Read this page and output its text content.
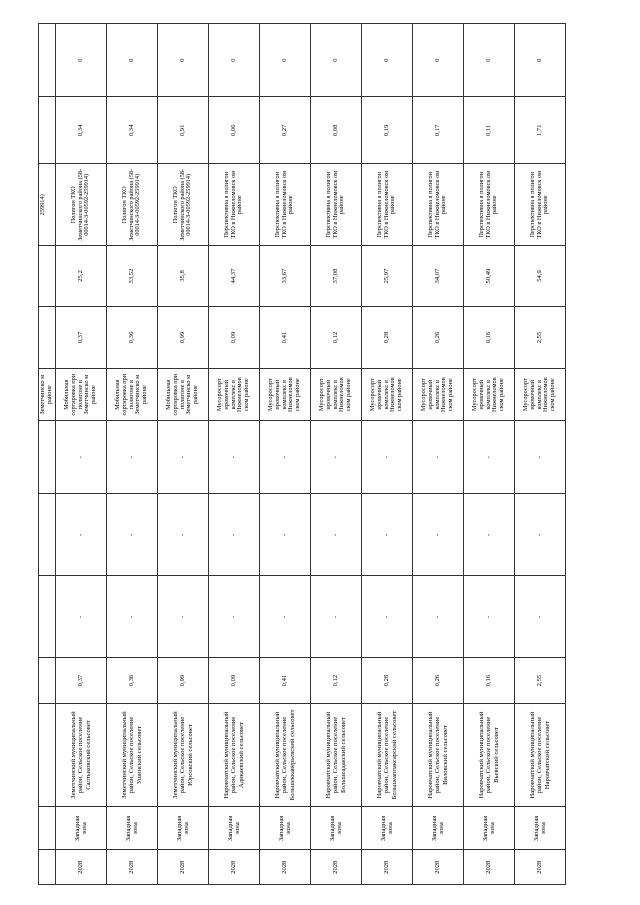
							Земетчинско м районе			259914)		
2028	Западная зона	Земетчинский муниципальный район, Сельское поселение Салтыковский сельсовет	0,37	-	-	-	Мобильная сортировка при полигоне в Земетчинско м районе	0,37	25,2	Полигон ТКО Земетчинского района (58-00014-З-00592-259914)	0,34	0
2028	Западная зона	Земетчинский муниципальный район, Сельское поселение Ушинский сельсовет	0,36	-	-	-	Мобильная сортировка при полигоне в Земетчинско м районе	0,36	33,52	Полигон ТКО Земетчинского района (58-00014-З-00592-259914)	0,34	0
2028	Западная зона	Земетчинский муниципальный район, Сельское поселение Юрсовский сельсовет	0,99	-	-	-	Мобильная сортировка при полигоне в Земетчинско м районе	0,99	35,8	Полигон ТКО Земетчинского района (58-00014-З-00592-259914)	0,91	0
2028	Западная зона	Наровчатский муниципальный район, Сельское поселение Адикаевский сельсовет	0,09	-	-	-	Мусоросорт ировочный комплекс в Нижнеломов ском районе	0,09	44,37	Перспективна я полигон ТКО в Нижнеломовск ом районе	0,06	0
2028	Западная зона	Наровчатский муниципальный район, Сельское поселение Большеккаверьевский сельсовет	0,41	-	-	-	Мусоросорт ировочный комплекс в Нижнеломов ском районе	0,41	33,67	Перспективна я полигон ТКО в Нижнеломовск ом районе	0,27	0
2028	Западная зона	Наровчатский муниципальный район, Сельское поселение Большеадакский сельсовет	0,12	-	-	-	Мусоросорт ировочный комплекс в Нижнеломов ском районе	0,12	37,08	Перспективна я полигон ТКО в Нижнеломовск ом районе	0,08	0
2028	Западная зона	Наровчатский муниципальный район, Сельское поселение Большеаппаксарский сельсовет	0,28	-	-	-	Мусоросорт ировочный комплекс в Нижнеломов ском районе	0,28	25,97	Перспективна я полигон ТКО в Нижнеломовск ом районе	0,19	0
2028	Западная зона	Наровчатский муниципальный район, Сельское поселение Виловский сельсовет	0,26	-	-	-	Мусоросорт ировочный комплекс в Нижнеломов ском районе	0,26	34,07	Перспективна я полигон ТКО в Нижнеломовск ом районе	0,17	0
2028	Западная зона	Наровчатский муниципальный район, Сельское поселение Вьевский сельсовет	0,16	-	-	-	Мусоросорт ировочный комплекс в Нижнеломов ском районе	0,16	50,49	Перспективна я полигон ТКО в Нижнеломовск ом районе	0,11	0
2028	Западная зона	Наровчатский муниципальный район, Сельское поселение Наровчатский сельсовет	2,55	-	-	-	Мусоросорт ировочный комплекс в Нижнеломов ском районе	2,55	54,9	Перспективна я полигон ТКО в Нижнеломовск ом районе	1,71	0
